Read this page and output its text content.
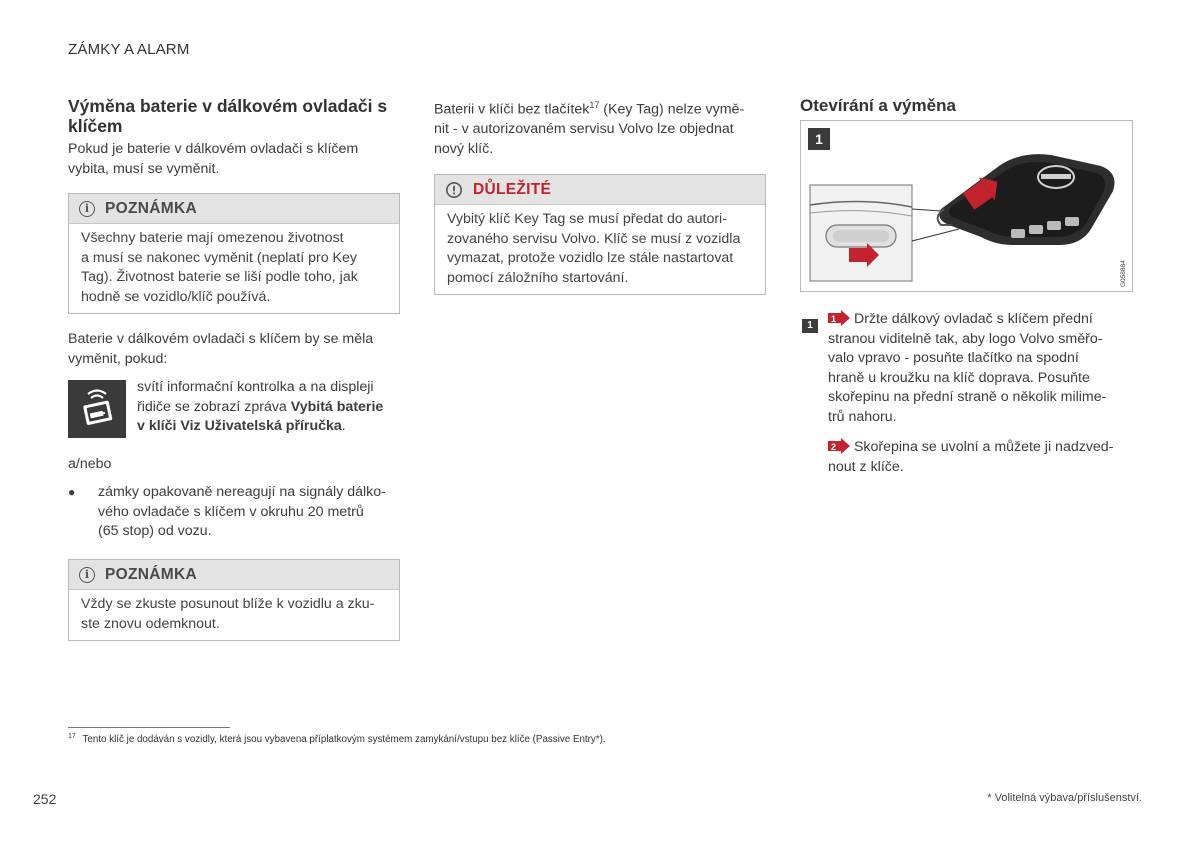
ZÁMKY A ALARM
Výměna baterie v dálkovém ovladači s klíčem

Pokud je baterie v dálkovém ovladači s klíčem vybita, musí se vyměnit.

i	POZNÁMKA
Všechny baterie mají omezenou životnost
a musí se nakonec vyměnit (neplatí pro Key
Tag). Životnost baterie se liší podle toho, jak
hodně se vozidlo/klíč používá.
Baterie v dálkovém ovladači s klíčem by se měla
vyměnit, pokud:
svítí informační kontrolka a na displeji
řidiče se zobrazí zpráva Vybitá baterie
v klíči Viz Uživatelská příručka.
a/nebo
●	zámky opakovaně nereagují na signály dálko-
vého ovladače s klíčem v okruhu 20 metrů
(65 stop) od vozu.
i	POZNÁMKA
Vždy se zkuste posunout blíže k vozidlu a zku-
ste znovu odemknout.
Baterii v klíči bez tlačítek$^{17}$ (Key Tag) nelze vymě-
nit - v autorizovaném servisu Volvo lze objednat
nový klíč.
DŮLEŽITÉ
Vybitý klíč Key Tag se musí předat do autori-
zovaného servisu Volvo. Klíč se musí z vozidla
vymazat, protože vozidlo lze stále nastartovat
pomocí záložního startování.
Otevírání a výměna
1
G058884
1
1 Držte dálkový ovladač s klíčem přední
stranou viditelně tak, aby logo Volvo směřo-
valo vpravo - posuňte tlačítko na spodní
hraně u kroužku na klíč doprava. Posuňte
skořepinu na přední straně o několik milime-
trů nahoru.
2 Skořepina se uvolní a můžete ji nadzved-
nout z klíče.
$^{17}$ Tento klíč je dodáván s vozidly, která jsou vybavena příplatkovým systémem zamykání/vstupu bez klíče (Passive Entry*).
252	* Volitelná výbava/příslušenství.
